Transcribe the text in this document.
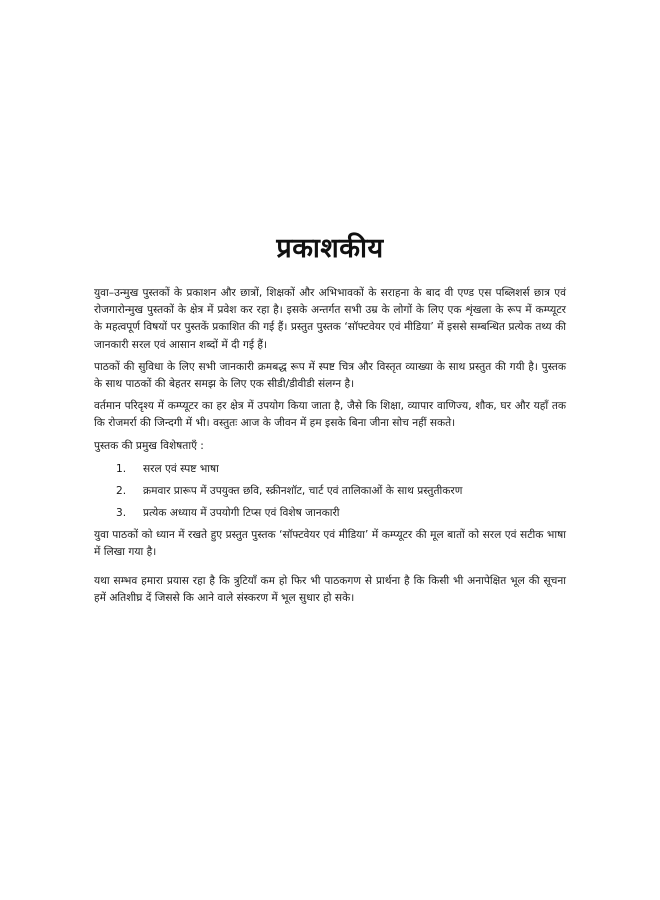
प्रकाशकीय

युवा–उन्मुख पुस्तकों के प्रकाशन और छात्रों, शिक्षकों और अभिभावकों के सराहना के बाद वी एण्ड एस पब्लिशर्स छात्र एवं रोजगारोन्मुख पुस्तकों के क्षेत्र में प्रवेश कर रहा है। इसके अन्तर्गत सभी उम्र के लोगों के लिए एक शृंखला के रूप में कम्प्यूटर के महत्वपूर्ण विषयों पर पुस्तकें प्रकाशित की गई हैं। प्रस्तुत पुस्तक ‘सॉफ्टवेयर एवं मीडिया’ में इससे सम्बन्धित प्रत्येक तथ्य की जानकारी सरल एवं आसान शब्दों में दी गई हैं।

पाठकों की सुविधा के लिए सभी जानकारी क्रमबद्ध रूप में स्पष्ट चित्र और विस्तृत व्याख्या के साथ प्रस्तुत की गयी है। पुस्तक के साथ पाठकों की बेहतर समझ के लिए एक सीडी/डीवीडी संलग्न है।

वर्तमान परिदृश्य में कम्प्यूटर का हर क्षेत्र में उपयोग किया जाता है, जैसे कि शिक्षा, व्यापार वाणिज्य, शौक, घर और यहाँ तक कि रोजमर्रा की जिन्दगी में भी। वस्तुतः आज के जीवन में हम इसके बिना जीना सोच नहीं सकते।

पुस्तक की प्रमुख विशेषताएँ :

1.	सरल एवं स्पष्ट भाषा
2.	क्रमवार प्रारूप में उपयुक्त छवि, स्क्रीनशॉट, चार्ट एवं तालिकाओं के साथ प्रस्तुतीकरण
3.	प्रत्येक अध्याय में उपयोगी टिप्स एवं विशेष जानकारी

युवा पाठकों को ध्यान में रखते हुए प्रस्तुत पुस्तक ‘सॉफ्टवेयर एवं मीडिया’ में कम्प्यूटर की मूल बातों को सरल एवं सटीक भाषा में लिखा गया है।

यथा सम्भव हमारा प्रयास रहा है कि त्रुटियाँ कम हो फिर भी पाठकगण से प्रार्थना है कि किसी भी अनापेक्षित भूल की सूचना हमें अतिशीघ्र दें जिससे कि आने वाले संस्करण में भूल सुधार हो सके।
